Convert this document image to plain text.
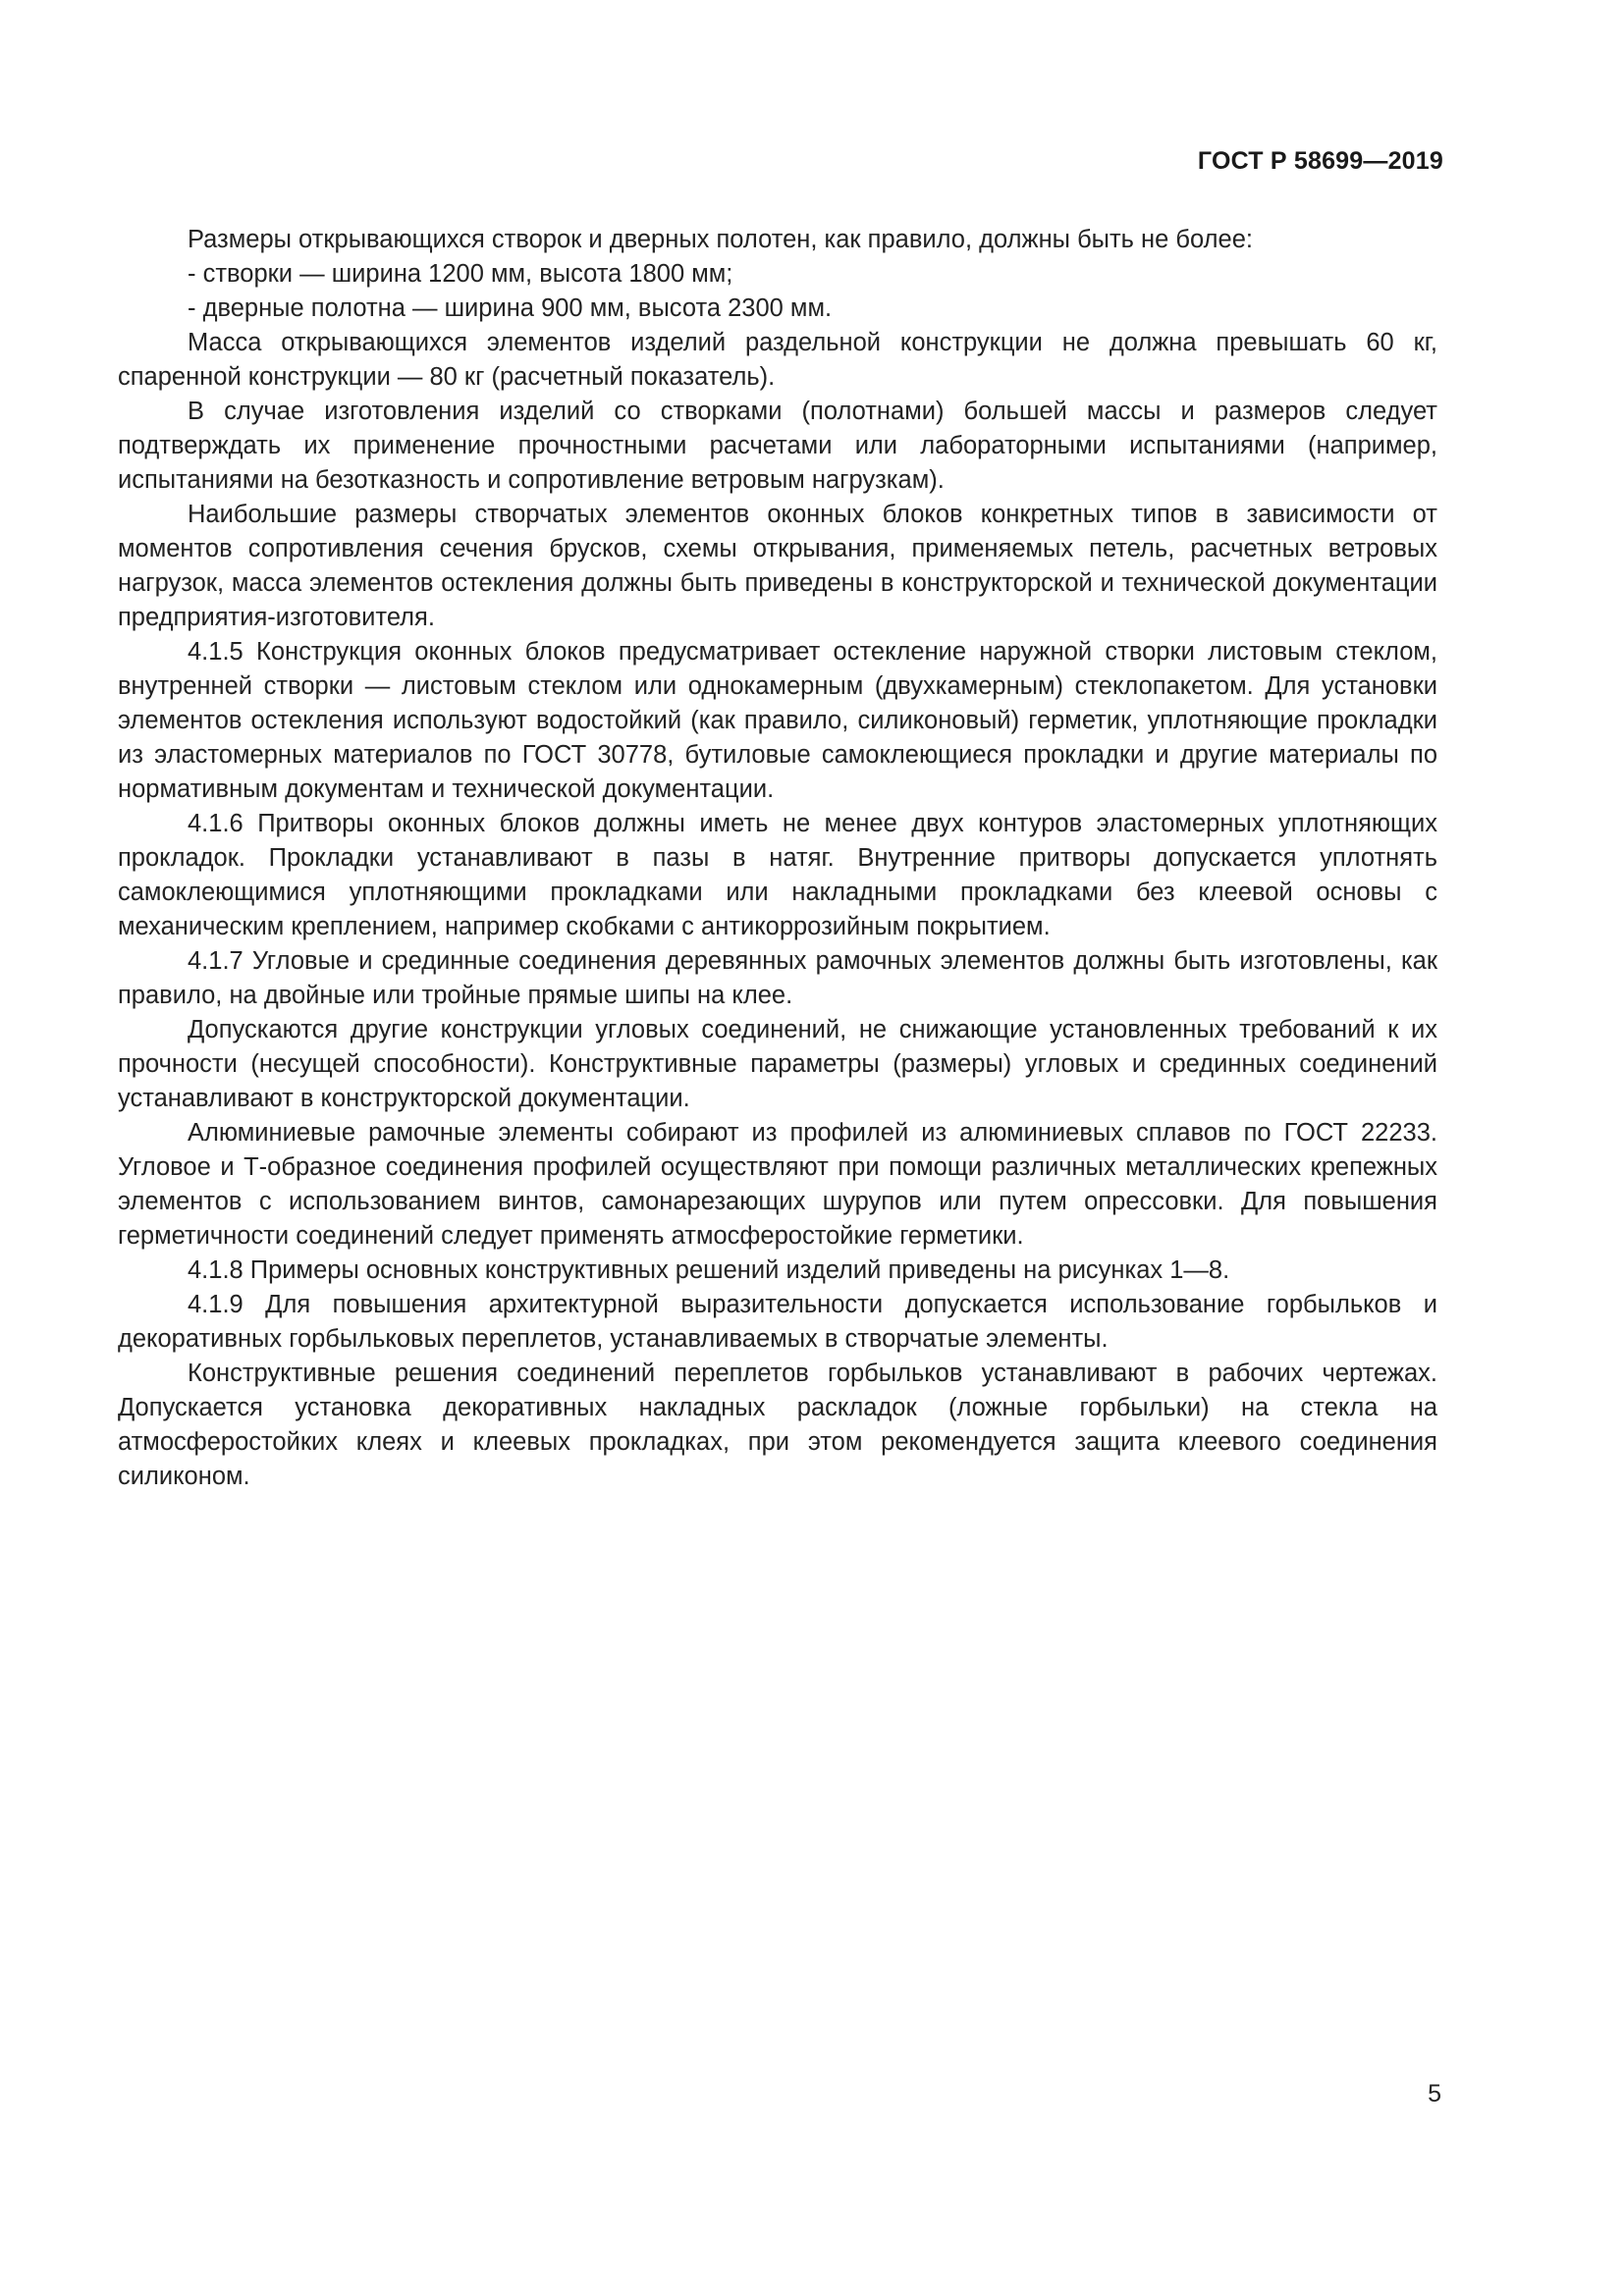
ГОСТ Р 58699—2019

Размеры открывающихся створок и дверных полотен, как правило, должны быть не более:

- створки — ширина 1200 мм, высота 1800 мм;

- дверные полотна — ширина 900 мм, высота 2300 мм.

Масса открывающихся элементов изделий раздельной конструкции не должна превышать 60 кг, спаренной конструкции — 80 кг (расчетный показатель).

В случае изготовления изделий со створками (полотнами) большей массы и размеров следует подтверждать их применение прочностными расчетами или лабораторными испытаниями (например, испытаниями на безотказность и сопротивление ветровым нагрузкам).

Наибольшие размеры створчатых элементов оконных блоков конкретных типов в зависимости от моментов сопротивления сечения брусков, схемы открывания, применяемых петель, расчетных ветровых нагрузок, масса элементов остекления должны быть приведены в конструкторской и технической документации предприятия-изготовителя.

4.1.5 Конструкция оконных блоков предусматривает остекление наружной створки листовым стеклом, внутренней створки — листовым стеклом или однокамерным (двухкамерным) стеклопакетом. Для установки элементов остекления используют водостойкий (как правило, силиконовый) герметик, уплотняющие прокладки из эластомерных материалов по ГОСТ 30778, бутиловые самоклеющиеся прокладки и другие материалы по нормативным документам и технической документации.

4.1.6 Притворы оконных блоков должны иметь не менее двух контуров эластомерных уплотняющих прокладок. Прокладки устанавливают в пазы в натяг. Внутренние притворы допускается уплотнять самоклеющимися уплотняющими прокладками или накладными прокладками без клеевой основы с механическим креплением, например скобками с антикоррозийным покрытием.

4.1.7 Угловые и срединные соединения деревянных рамочных элементов должны быть изготовлены, как правило, на двойные или тройные прямые шипы на клее.

Допускаются другие конструкции угловых соединений, не снижающие установленных требований к их прочности (несущей способности). Конструктивные параметры (размеры) угловых и срединных соединений устанавливают в конструкторской документации.

Алюминиевые рамочные элементы собирают из профилей из алюминиевых сплавов по ГОСТ 22233. Угловое и Т-образное соединения профилей осуществляют при помощи различных металлических крепежных элементов с использованием винтов, самонарезающих шурупов или путем опрессовки. Для повышения герметичности соединений следует применять атмосферостойкие герметики.

4.1.8 Примеры основных конструктивных решений изделий приведены на рисунках 1—8.

4.1.9 Для повышения архитектурной выразительности допускается использование горбыльков и декоративных горбыльковых переплетов, устанавливаемых в створчатые элементы.

Конструктивные решения соединений переплетов горбыльков устанавливают в рабочих чертежах. Допускается установка декоративных накладных раскладок (ложные горбыльки) на стекла на атмосферостойких клеях и клеевых прокладках, при этом рекомендуется защита клеевого соединения силиконом.

5
